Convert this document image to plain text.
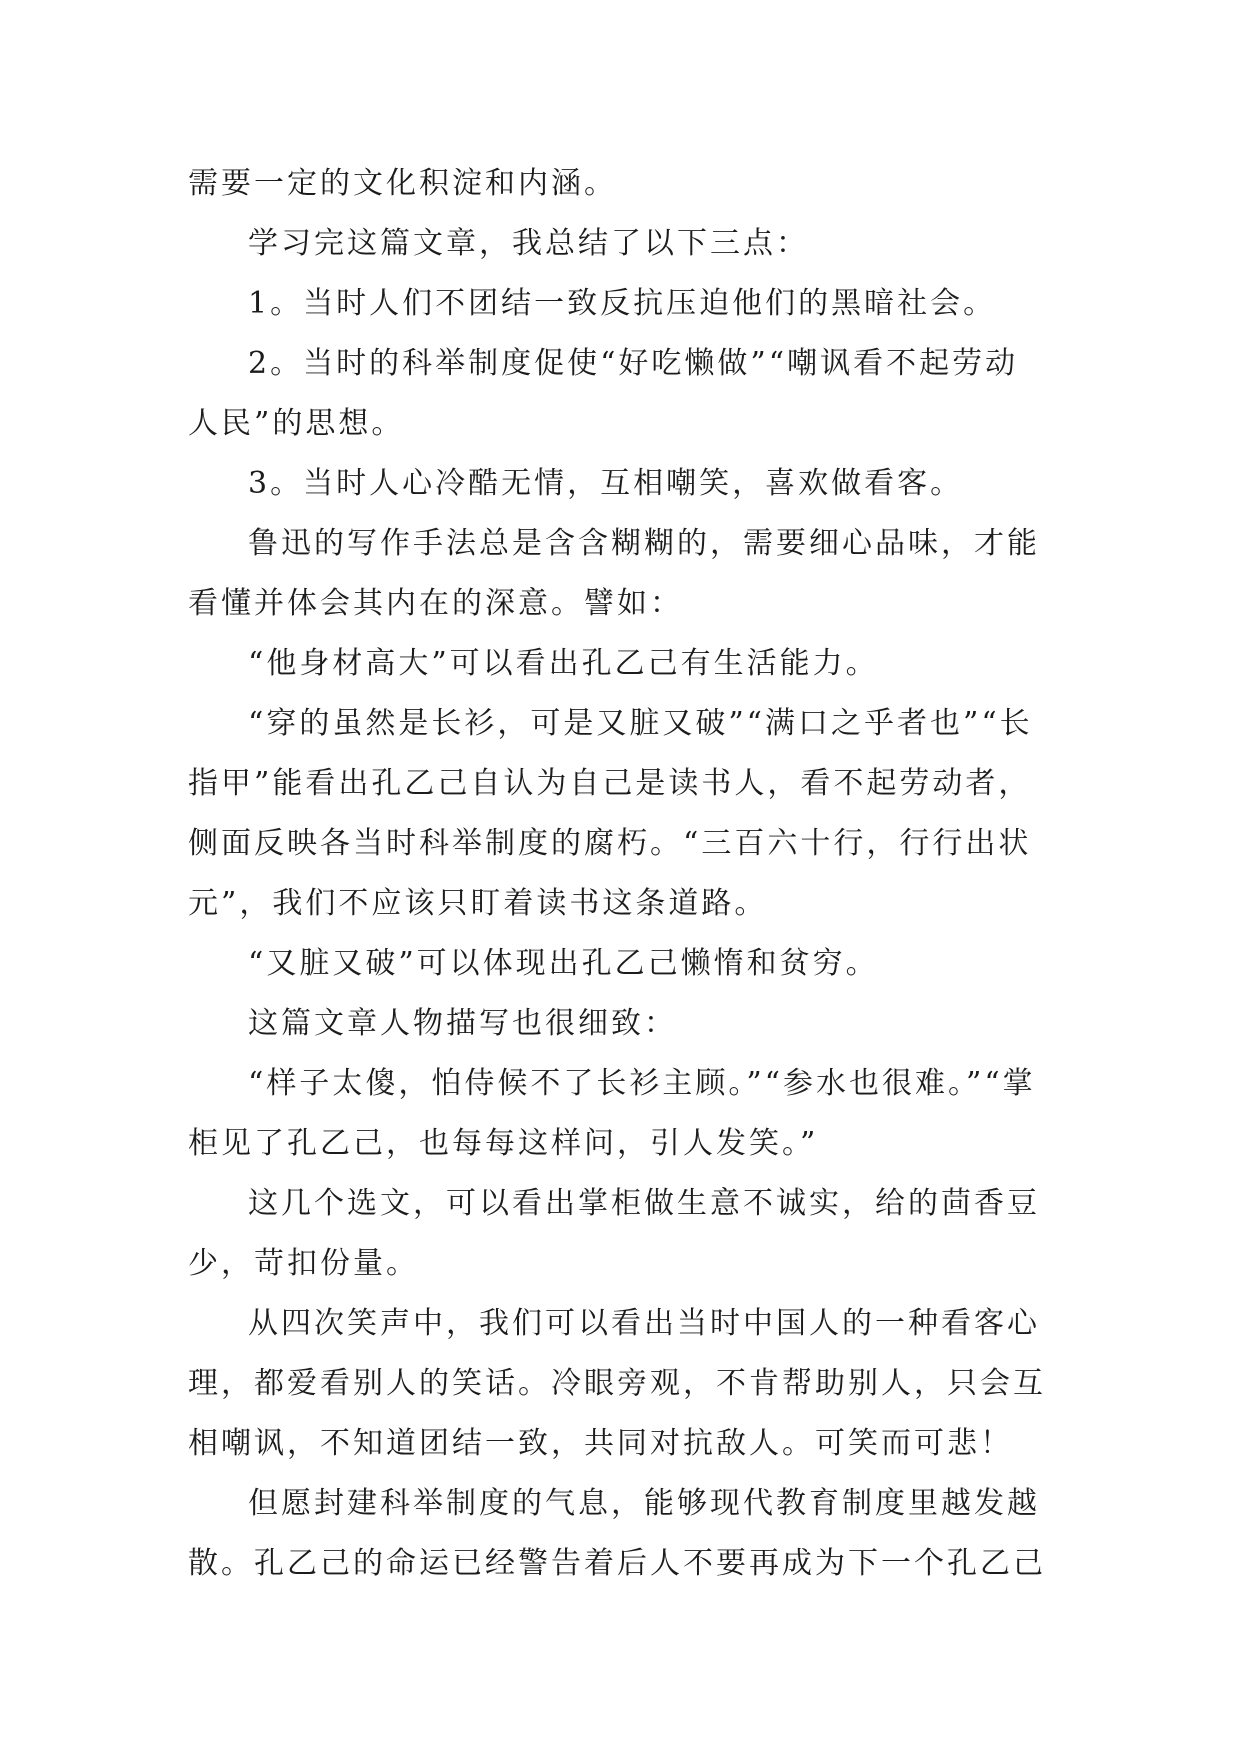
需要一定的文化积淀和内涵。

学习完这篇文章，我总结了以下三点：

1。当时人们不团结一致反抗压迫他们的黑暗社会。

2。当时的科举制度促使“好吃懒做”“嘲讽看不起劳动人民”的思想。

3。当时人心冷酷无情，互相嘲笑，喜欢做看客。

鲁迅的写作手法总是含含糊糊的，需要细心品味，才能看懂并体会其内在的深意。譬如：

“他身材高大”可以看出孔乙己有生活能力。

“穿的虽然是长衫，可是又脏又破”“满口之乎者也”“长指甲”能看出孔乙己自认为自己是读书人，看不起劳动者，侧面反映各当时科举制度的腐朽。“三百六十行，行行出状元”，我们不应该只盯着读书这条道路。

“又脏又破”可以体现出孔乙己懒惰和贫穷。

这篇文章人物描写也很细致：

“样子太傻，怕侍候不了长衫主顾。”“参水也很难。”“掌柜见了孔乙己，也每每这样问，引人发笑。”

这几个选文，可以看出掌柜做生意不诚实，给的茴香豆少，苛扣份量。

从四次笑声中，我们可以看出当时中国人的一种看客心理，都爱看别人的笑话。冷眼旁观，不肯帮助别人，只会互相嘲讽，不知道团结一致，共同对抗敌人。可笑而可悲！

但愿封建科举制度的气息，能够现代教育制度里越发越散。孔乙己的命运已经警告着后人不要再成为下一个孔乙己
